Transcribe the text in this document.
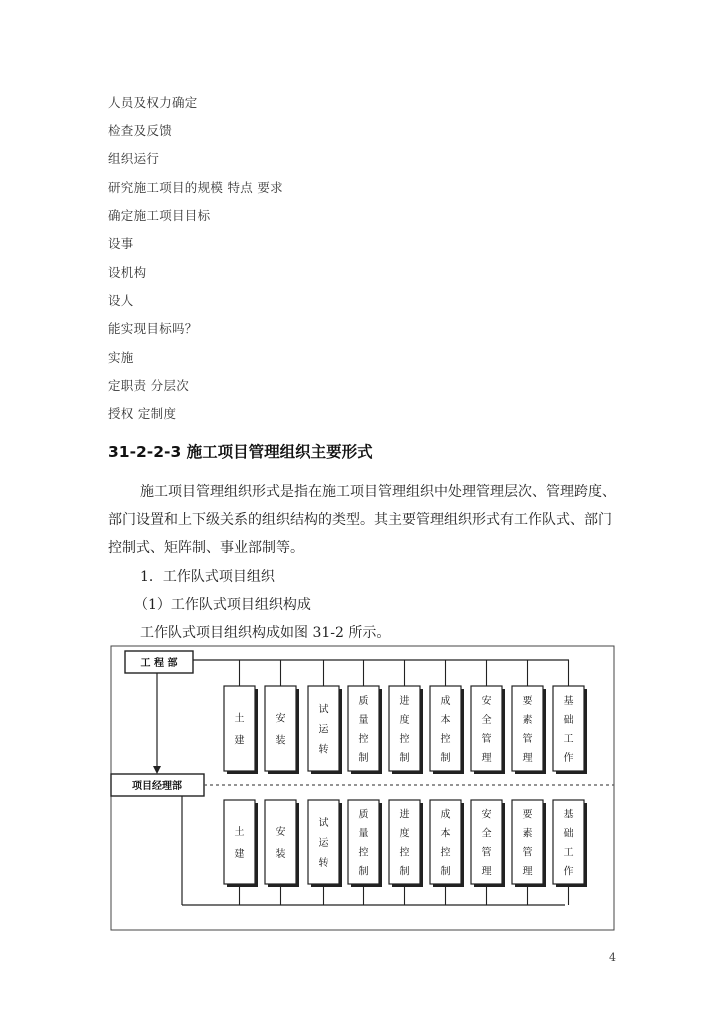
人员及权力确定
检查及反馈
组织运行
研究施工项目的规模 特点 要求
确定施工项目目标
设事
设机构
设人
能实现目标吗？
实施
定职责 分层次
授权 定制度
31-2-2-3 施工项目管理组织主要形式
施工项目管理组织形式是指在施工项目管理组织中处理管理层次、管理跨度、部门设置和上下级关系的组织结构的类型。其主要管理组织形式有工作队式、部门控制式、矩阵制、事业部制等。
1．工作队式项目组织
（1）工作队式项目组织构成
工作队式项目组织构成如图 31-2 所示。
土
建
安
装
试
运
转
质
量
控
制
进
度
控
制
成
本
控
制
安
全
管
理
要
素
管
理
基
础
工
作
土
建
安
装
试
运
转
质
量
控
制
进
度
控
制
成
本
控
制
安
全
管
理
要
素
管
理
基
础
工
作
工 程 部
项目经理部
4
